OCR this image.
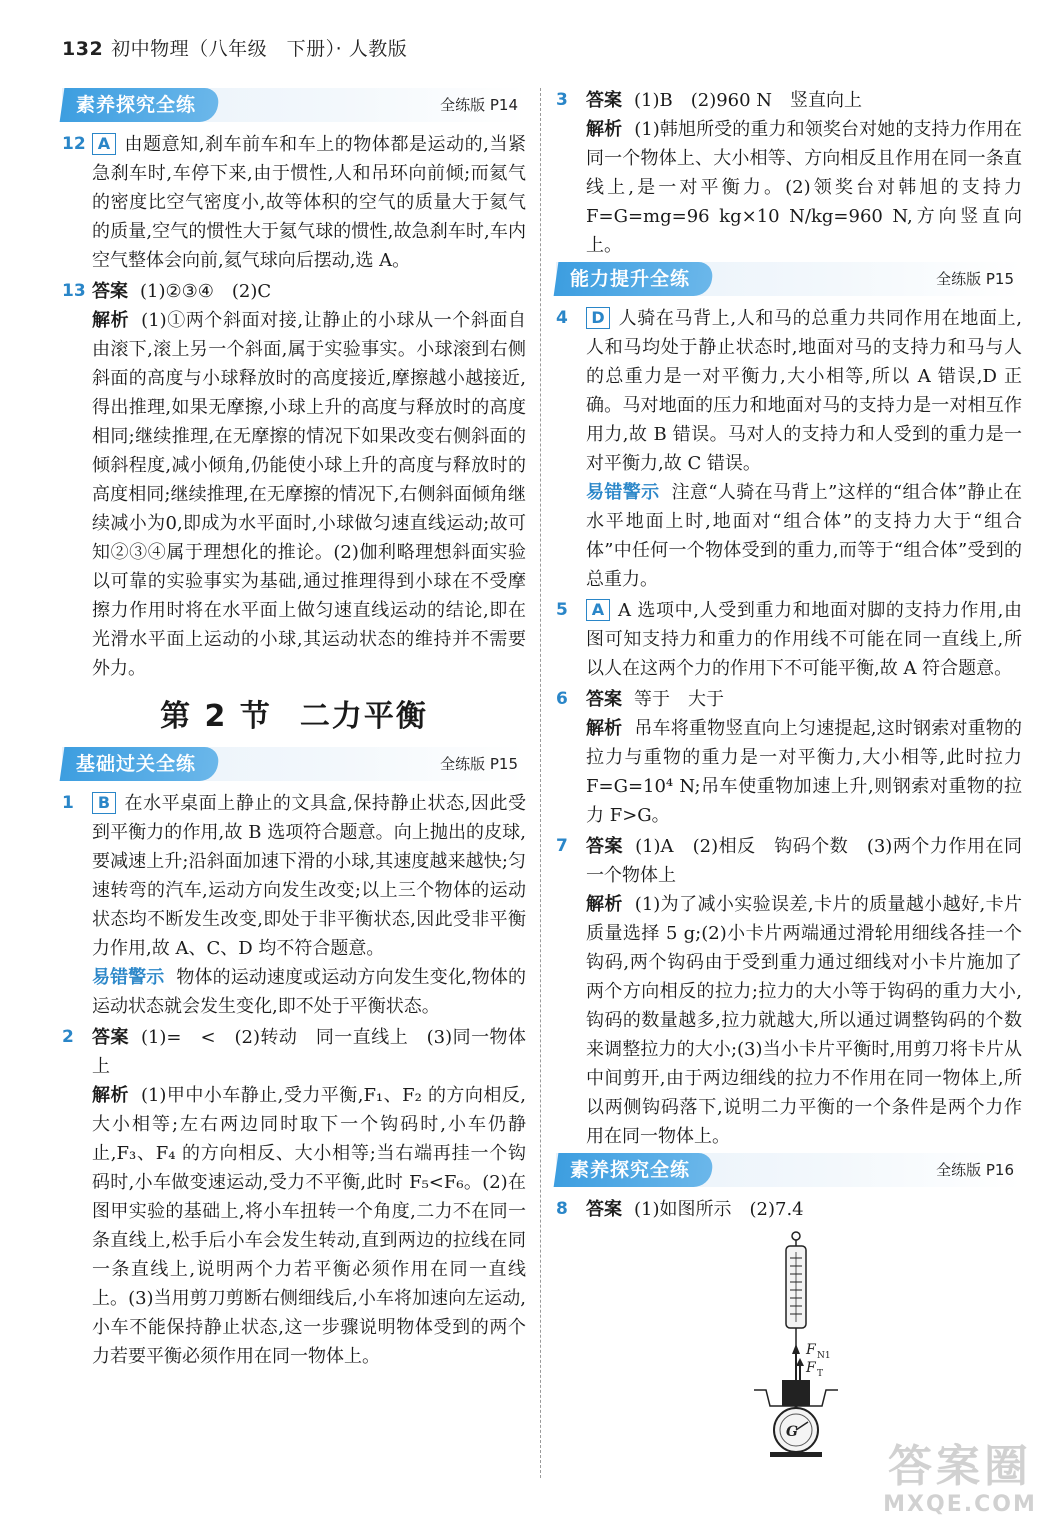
132 初中物理（八年级　下册）· 人教版
素养探究全练	全练版 P14
12 A 由题意知,刹车前车和车上的物体都是运动的,当紧急刹车时,车停下来,由于惯性,人和吊环向前倾;而氦气的密度比空气密度小,故等体积的空气的质量大于氦气的质量,空气的惯性大于氦气球的惯性,故急刹车时,车内空气整体会向前,氦气球向后摆动,选 A。
13 答案 (1)②③④　(2)C
解析 (1)①两个斜面对接,让静止的小球从一个斜面自由滚下,滚上另一个斜面,属于实验事实。小球滚到右侧斜面的高度与小球释放时的高度接近,摩擦越小越接近,得出推理,如果无摩擦,小球上升的高度与释放时的高度相同;继续推理,在无摩擦的情况下如果改变右侧斜面的倾斜程度,减小倾角,仍能使小球上升的高度与释放时的高度相同;继续推理,在无摩擦的情况下,右侧斜面倾角继续减小为0,即成为水平面时,小球做匀速直线运动;故可知②③④属于理想化的推论。(2)伽利略理想斜面实验以可靠的实验事实为基础,通过推理得到小球在不受摩擦力作用时将在水平面上做匀速直线运动的结论,即在光滑水平面上运动的小球,其运动状态的维持并不需要外力。
第 2 节 二力平衡
基础过关全练	全练版 P15
1	B 在水平桌面上静止的文具盒,保持静止状态,因此受到平衡力的作用,故 B 选项符合题意。向上抛出的皮球,要减速上升;沿斜面加速下滑的小球,其速度越来越快;匀速转弯的汽车,运动方向发生改变;以上三个物体的运动状态均不断发生改变,即处于非平衡状态,因此受非平衡力作用,故 A、C、D 均不符合题意。
易错警示 物体的运动速度或运动方向发生变化,物体的运动状态就会发生变化,即不处于平衡状态。
2 答案 (1)=　<　(2)转动　同一直线上　(3)同一物体上
解析 (1)甲中小车静止,受力平衡,F₁、F₂ 的方向相反,大小相等;左右两边同时取下一个钩码时,小车仍静止,F₃、F₄ 的方向相反、大小相等;当右端再挂一个钩码时,小车做变速运动,受力不平衡,此时 F₅<F₆。(2)在图甲实验的基础上,将小车扭转一个角度,二力不在同一条直线上,松手后小车会发生转动,直到两边的拉线在同一条直线上,说明两个力若平衡必须作用在同一直线上。(3)当用剪刀剪断右侧细线后,小车将加速向左运动,小车不能保持静止状态,这一步骤说明物体受到的两个力若要平衡必须作用在同一物体上。
3 答案 (1)B　(2)960 N　竖直向上
解析 (1)韩旭所受的重力和领奖台对她的支持力作用在同一个物体上、大小相等、方向相反且作用在同一条直线上,是一对平衡力。(2)领奖台对韩旭的支持力 F=G=mg=96 kg×10 N/kg=960 N,方向竖直向上。
能力提升全练	全练版 P15
4	D 人骑在马背上,人和马的总重力共同作用在地面上,人和马均处于静止状态时,地面对马的支持力和马与人的总重力是一对平衡力,大小相等,所以 A 错误,D 正确。马对地面的压力和地面对马的支持力是一对相互作用力,故 B 错误。马对人的支持力和人受到的重力是一对平衡力,故 C 错误。
易错警示 注意“人骑在马背上”这样的“组合体”静止在水平地面上时,地面对“组合体”的支持力大于“组合体”中任何一个物体受到的重力,而等于“组合体”受到的总重力。
5 A A 选项中,人受到重力和地面对脚的支持力作用,由图可知支持力和重力的作用线不可能在同一直线上,所以人在这两个力的作用下不可能平衡,故 A 符合题意。
6 答案 等于　大于
解析 吊车将重物竖直向上匀速提起,这时钢索对重物的拉力与重物的重力是一对平衡力,大小相等,此时拉力 F=G=10⁴ N;吊车使重物加速上升,则钢索对重物的拉力 F>G。
7 答案 (1)A　(2)相反　钩码个数　(3)两个力作用在同一个物体上
解析 (1)为了减小实验误差,卡片的质量越小越好,卡片质量选择 5 g;(2)小卡片两端通过滑轮用细线各挂一个钩码,两个钩码由于受到重力通过细线对小卡片施加了两个方向相反的拉力;拉力的大小等于钩码的重力大小,钩码的数量越多,拉力就越大,所以通过调整钩码的个数来调整拉力的大小;(3)当小卡片平衡时,用剪刀将卡片从中间剪开,由于两边细线的拉力不作用在同一物体上,所以两侧钩码落下,说明二力平衡的一个条件是两个力作用在同一物体上。
素养探究全练	全练版 P16
8 答案 (1)如图所示　(2)7.4
F N1
F T
G
答案圈
MXQE.COM
